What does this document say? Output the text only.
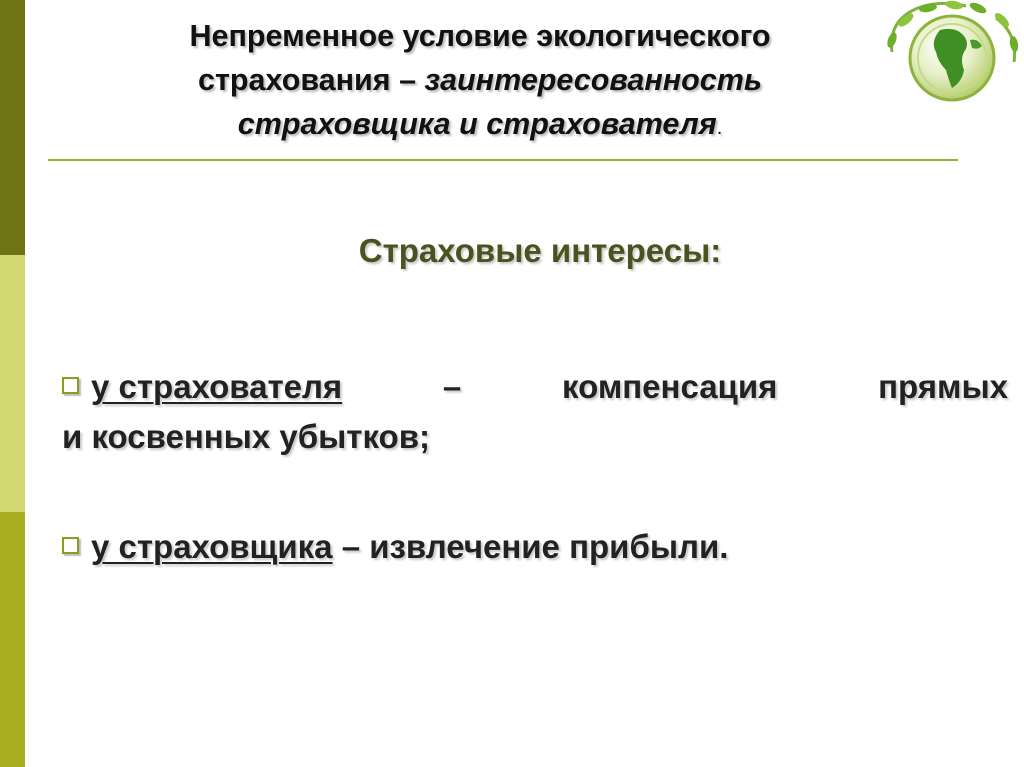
Непременное условие экологического
страхования – заинтересованность
страховщика и страхователя.
Страховые интересы:
у страхователя	–	компенсация	прямых
и косвенных убытков;
у страховщика – извлечение прибыли.
